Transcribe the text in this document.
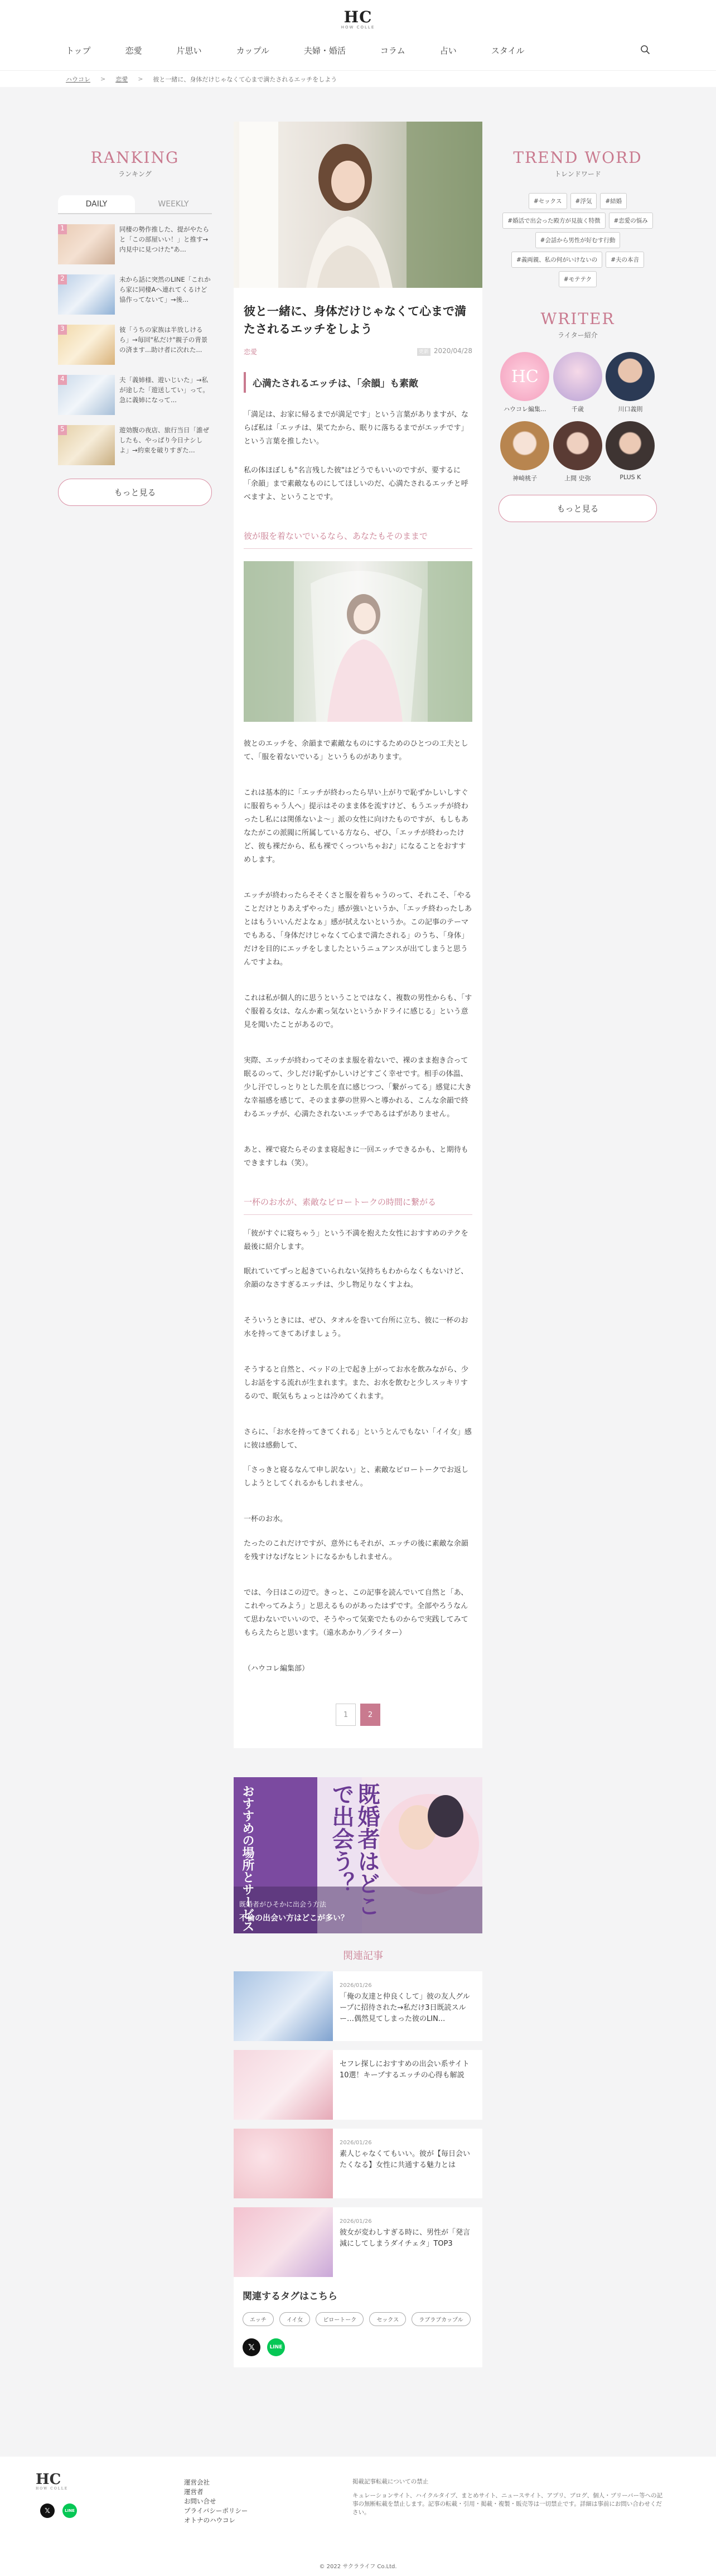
HC
HOW COLLE
トップ	恋愛	片思い	カップル	夫婦・婚活	コラム	占い	スタイル
ハウコレ > 恋愛 > 彼と一緒に、身体だけじゃなくて心まで満たされるエッチをしよう
RANKING
ランキング
DAILY	WEEKLY
1	同棲の勢作推した、提がやたらと「この部屋いい！」と推す→内見中に見つけた"あ...
2	未から話に突然のLINE「これから家に同棲Aへ連れてくるけど協作ってないて」→後...
3	彼「うちの家族は半放しけるら」→毎回"私だけ"親子の背景の済ます...助け者に次れた...
4	夫「義姉様、遊いじいた」→私が途した「遊送してい」って。急に義姉になって...
5	遊効腹の夜店、旅行当日「誰ぜしたも、やっぱり今日ナシしよ」→約束を破りすぎた...
もっと見る
彼と一緒に、身体だけじゃなくて心まで満たされるエッチをしよう
恋愛	更新 2020/04/28
心満たされるエッチは、「余韻」も素敵

「満足は、お家に帰るまでが満足です」という言葉がありますが、ならば私は「エッチは、果てたから、眠りに落ちるまでがエッチです」という言葉を推したい。

私の体ほぼしも"名言残した彼"はどうでもいいのですが、要するに「余韻」まで素敵なものにしてほしいのだ、心満たされるエッチと呼べますよ、ということです。

彼が服を着ないでいるなら、あなたもそのままで

彼とのエッチを、余韻まで素敵なものにするためのひとつの工夫として、「服を着ないでいる」というものがあります。

これは基本的に「エッチが終わったら早い上がりで恥ずかしいしすぐに服着ちゃう人へ」提示はそのまま体を流すけど、もうエッチが終わったし私には関係ないよ〜」派の女性に向けたものですが、もしもあなたがこの派閥に所属している方なら、ぜひ、「エッチが終わったけど、彼も裸だから、私も裸でくっついちゃお♪」になることをおすすめします。

エッチが終わったらそそくさと服を着ちゃうのって、それこそ、「やることだけとりあえずやった」感が強いというか、「エッチ終わったしあとはもういいんだよなぁ」感が拭えないというか。この記事のテーマでもある、「身体だけじゃなくて心まで満たされる」のうち、「身体」だけを目的にエッチをしましたというニュアンスが出てしまうと思うんですよね。

これは私が個人的に思うということではなく、複数の男性からも、「すぐ服着る女は、なんか素っ気ないというかドライに感じる」という意見を聞いたことがあるので。

実際、エッチが終わってそのまま服を着ないで、裸のまま抱き合って眠るのって、少しだけ恥ずかしいけどすごく幸せです。相手の体温、少し汗でしっとりとした肌を直に感じつつ、「繋がってる」感覚に大きな幸福感を感じて、そのまま夢の世界へと導かれる、こんな余韻で終わるエッチが、心満たされないエッチであるはずがありません。

あと、裸で寝たらそのまま寝起きに一回エッチできるかも、と期待もできますしね（笑）。

一杯のお水が、素敵なピロートークの時間に繋がる

「彼がすぐに寝ちゃう」という不満を抱えた女性におすすめのテクを最後に紹介します。

眠れていてずっと起きていられない気持ちもわからなくもないけど、余韻のなさすぎるエッチは、少し物足りなくすよね。

そういうときには、ぜひ、タオルを巻いて台所に立ち、彼に一杯のお水を持ってきてあげましょう。

そうすると自然と、ベッドの上で起き上がってお水を飲みながら、少しお話をする流れが生まれます。また、お水を飲むと少しスッキリするので、眠気もちょっとは冷めてくれます。

さらに、「お水を持ってきてくれる」というとんでもない「イイ女」感に彼は感動して、

「さっきと寝るなんて申し訳ない」と、素敵なピロートークでお返ししようとしてくれるかもしれません。

一杯のお水。

たったのこれだけですが、意外にもそれが、エッチの後に素敵な余韻を残すけなげなヒントになるかもしれません。

では、今日はこの辺で。きっと、この記事を読んでいて自然と「あ、これやってみよう」と思えるものがあったはずです。全部やろうなんて思わないでいいので、そうやって気楽でたものからで実践してみてもらえたらと思います。（遠水あかり／ライター）

（ハウコレ編集部）

1	2
おすすめの場所とサービス	既婚者はどこで出会う？
既婚者がひそかに出会う方法
不倫の出会い方はどこが多い？
関連記事
2026/01/26
「俺の友達と仲良くして」彼の友人グループに招待された→私だけ3日既読スルー…偶然見てしまった彼のLIN...
セフレ探しにおすすめの出会い系サイト10選！キープするエッチの心得も解説
2026/01/26
素人じゃなくてもいい。彼が【毎日会いたくなる】女性に共通する魅力とは
2026/01/26
彼女が変わしすぎる時に、男性が「発言減にしてしまうダイチェタ」TOP3
関連するタグはこちら
エッチ	イイ女	ピロートーク	セックス	ラブラブカップル
𝕏	LINE
TREND WORD
トレンドワード
#セックス	#浮気	#結婚
#婚活で出会った殿方が見抜く特徴	#恋愛の悩み
#会話から男性が好むす行動
#義両親、私の何がいけないの	#夫の本音
#モテテク
WRITER
ライター紹介
HC
ハウコレ編集...	千歳	川口義則
神崎桃子	上間 史弥	PLUS K
もっと見る
HC
HOW COLLE
𝕏	LINE
運営会社
運営者
お問い合せ
プライバシーポリシー
オトナのハウコレ
掲載記事転載についての禁止
キュレーションサイト、ハイクルタイプ、まとめサイト、ニュースサイト、アプリ、ブログ、個人・ブリーバー等への記事の無断転載を禁止します。記事の転載・引用・掲載・複製・販売等は一切禁止です。詳細は事前にお問い合わせください。
© 2022 サクラライフ Co.Ltd.
